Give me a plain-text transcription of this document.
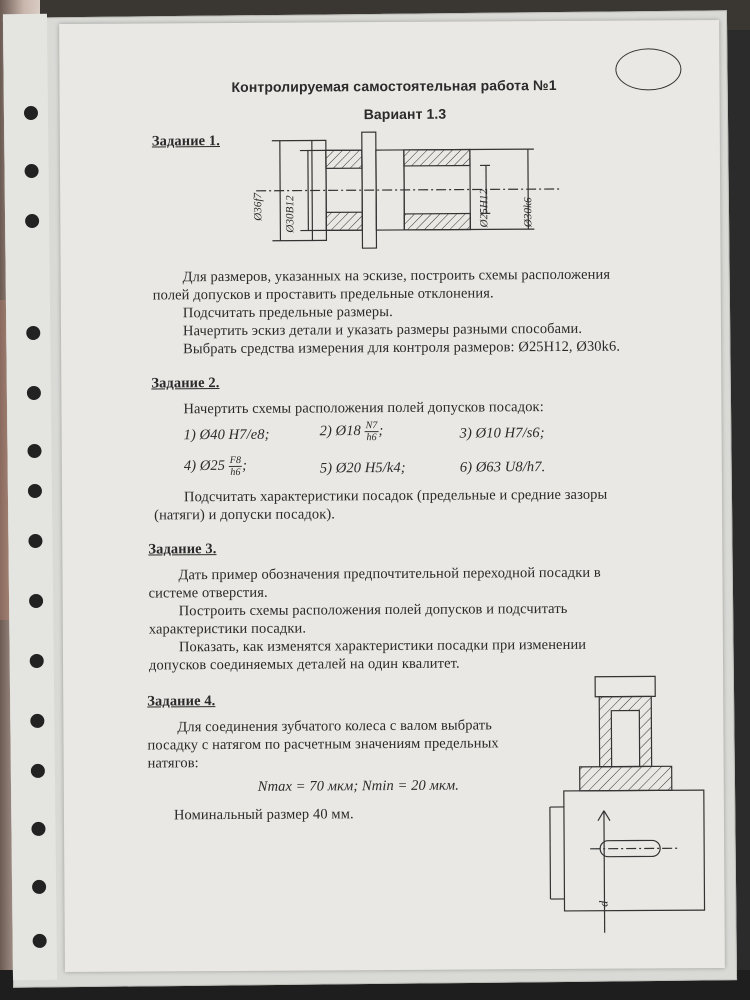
Контролируемая самостоятельная работа №1
Вариант 1.3
Задание 1.
Ø36f7 Ø30B12	Ø25H12	Ø30k6
Для размеров, указанных на эскизе, построить схемы расположения
полей допусков и проставить предельные отклонения.
Подсчитать предельные размеры.
Начертить эскиз детали и указать размеры разными способами.
Выбрать средства измерения для контроля размеров: Ø25H12, Ø30k6.
Задание 2.
Начертить схемы расположения полей допусков посадок:
1) Ø40 H7/e8;	2) Ø18 $\frac{N7}{h6}$ ;	3) Ø10 H7/s6;
4) Ø25 $\frac{F8}{h6}$ ;	5) Ø20 H5/k4;	6) Ø63 U8/h7.
Подсчитать характеристики посадок (предельные и средние зазоры
(натяги) и допуски посадок).
Задание 3.
Дать пример обозначения предпочтительной переходной посадки в
системе отверстия.
Построить схемы расположения полей допусков и подсчитать
характеристики посадки.
Показать, как изменятся характеристики посадки при изменении
допусков соединяемых деталей на один квалитет.
Задание 4.
Для соединения зубчатого колеса с валом выбрать
посадку с натягом по расчетным значениям предельных
натягов:
Nmax = 70 мкм; Nmin = 20 мкм.
Номинальный размер 40 мм.
d
